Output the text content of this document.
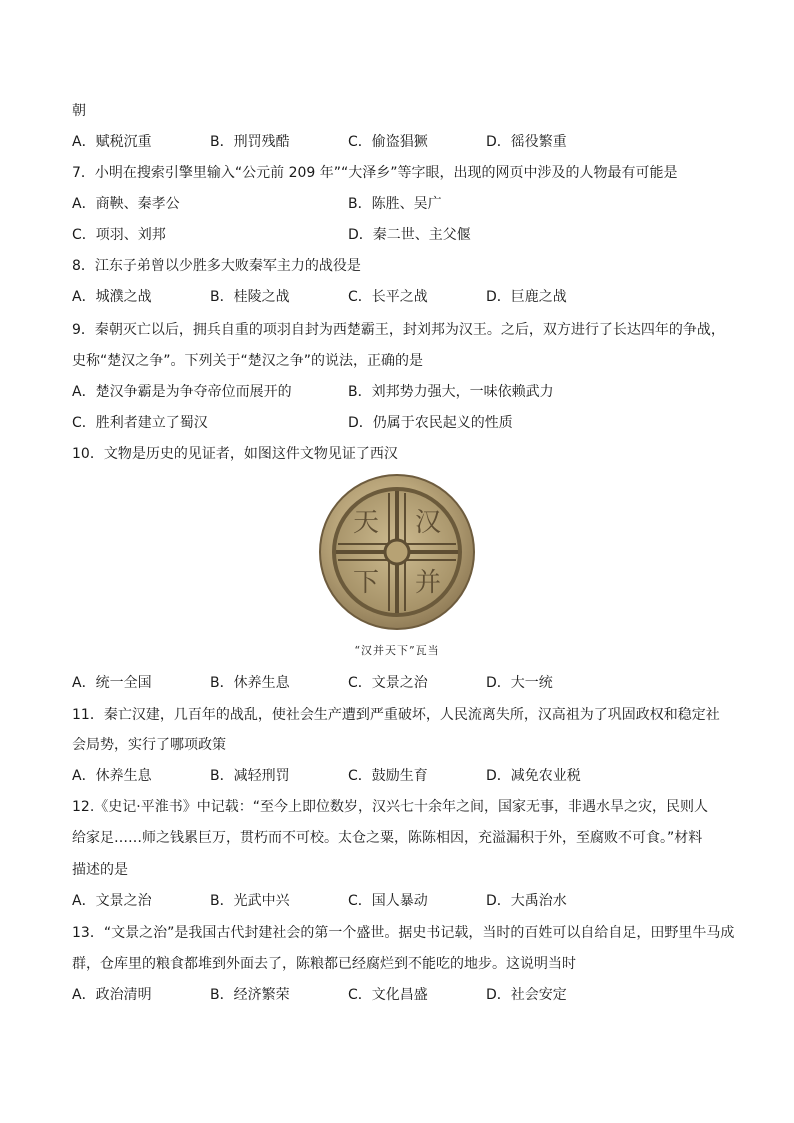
朝
A．赋税沉重	B．刑罚残酷	C．偷盗猖獗	D．徭役繁重
7．小明在搜索引擎里输入“公元前 209 年”“大泽乡”等字眼，出现的网页中涉及的人物最有可能是
A．商鞅、秦孝公	B．陈胜、吴广
C．项羽、刘邦	D．秦二世、主父偃
8．江东子弟曾以少胜多大败秦军主力的战役是
A．城濮之战	B．桂陵之战	C．长平之战	D．巨鹿之战
9．秦朝灭亡以后，拥兵自重的项羽自封为西楚霸王，封刘邦为汉王。之后，双方进行了长达四年的争战，
史称“楚汉之争”。下列关于“楚汉之争”的说法，正确的是
A．楚汉争霸是为争夺帝位而展开的	B．刘邦势力强大，一味依赖武力
C．胜利者建立了蜀汉	D．仍属于农民起义的性质
10．文物是历史的见证者，如图这件文物见证了西汉
汉
并
天
下
“汉并天下”瓦当
A．统一全国	B．休养生息	C．文景之治	D．大一统
11．秦亡汉建，几百年的战乱，使社会生产遭到严重破坏，人民流离失所，汉高祖为了巩固政权和稳定社
会局势，实行了哪项政策
A．休养生息	B．减轻刑罚	C．鼓励生育	D．减免农业税
12.《史记·平淮书》中记载：“至今上即位数岁，汉兴七十余年之间，国家无事，非遇水旱之灾，民则人
给家足……师之钱累巨万，贯朽而不可校。太仓之粟，陈陈相因，充溢漏积于外，至腐败不可食。”材料
描述的是
A．文景之治	B．光武中兴	C．国人暴动	D．大禹治水
13．“文景之治”是我国古代封建社会的第一个盛世。据史书记载，当时的百姓可以自给自足，田野里牛马成
群，仓库里的粮食都堆到外面去了，陈粮都已经腐烂到不能吃的地步。这说明当时
A．政治清明	B．经济繁荣	C．文化昌盛	D．社会安定
